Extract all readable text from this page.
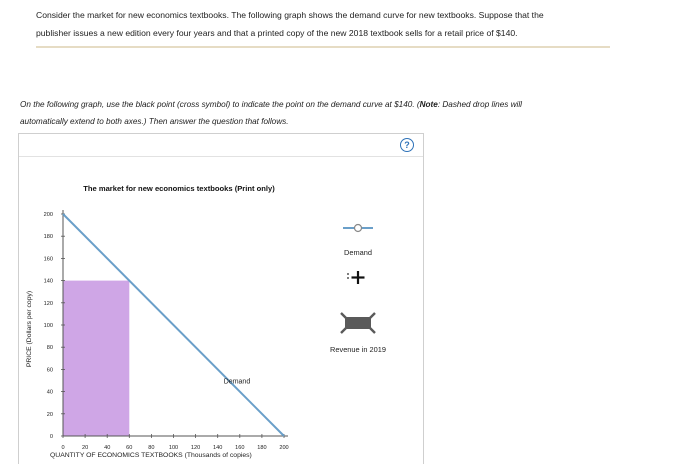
Consider the market for new economics textbooks. The following graph shows the demand curve for new textbooks. Suppose that the
publisher issues a new edition every four years and that a printed copy of the new 2018 textbook sells for a retail price of $140.
On the following graph, use the black point (cross symbol) to indicate the point on the demand curve at $140. (Note: Dashed drop lines will
automatically extend to both axes.) Then answer the question that follows.
?
The market for new economics textbooks (Print only)
0
20
40
60
80
100
120
140
160
180
200
0	20	40	60	80	100 120 140 160 180 200
Demand
PRICE (Dollars per copy)
QUANTITY OF ECONOMICS TEXTBOOKS (Thousands of copies)
Demand
Revenue in 2019
